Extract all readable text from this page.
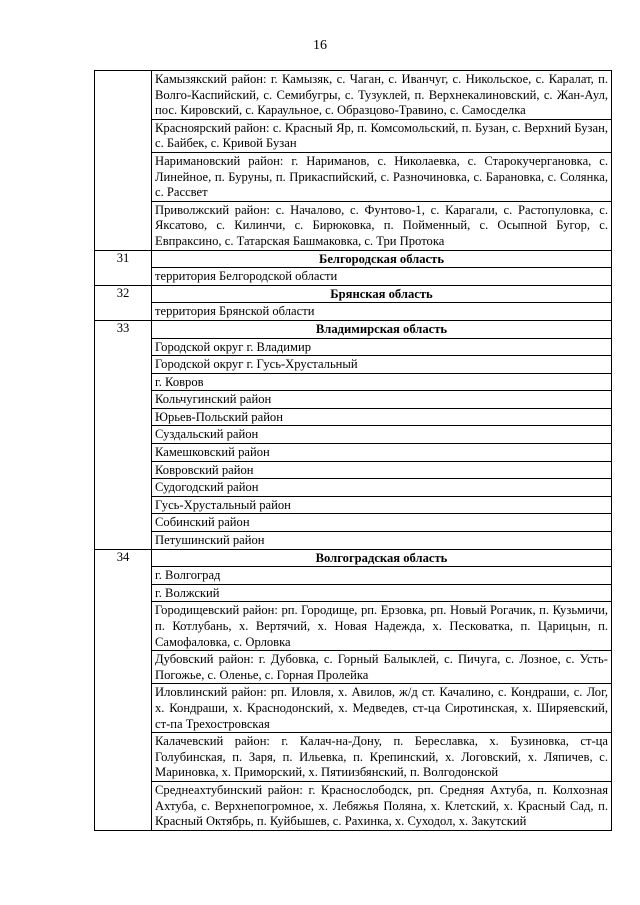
16
	Камызякский район: г. Камызяк, с. Чаган, с. Иванчуг, с. Никольское, с. Каралат, п. Волго-Каспийский, с. Семибугры, с. Тузуклей, п. Верхнекалиновский, с. Жан-Аул, пос. Кировский, с. Караульное, с. Образцово-Травино, с. Самосделка
	Красноярский район: с. Красный Яр, п. Комсомольский, п. Бузан, с. Верхний Бузан, с. Байбек, с. Кривой Бузан
	Наримановский район: г. Нариманов, с. Николаевка, с. Старокучергановка, с. Линейное, п. Буруны, п. Прикаспийский, с. Разночиновка, с. Барановка, с. Солянка, с. Рассвет
	Приволжский район: с. Началово, с. Фунтово-1, с. Карагали, с. Растопуловка, с. Яксатово, с. Килинчи, с. Бирюковка, п. Пойменный, с. Осыпной Бугор, с. Евпраксино, с. Татарская Башмаковка, с. Три Протока
31	Белгородская область
	территория Белгородской области
32	Брянская область
	территория Брянской области
33	Владимирская область
	Городской округ г. Владимир
	Городской округ г. Гусь-Хрустальный
	г. Ковров
	Кольчугинский район
	Юрьев-Польский район
	Суздальский район
	Камешковский район
	Ковровский район
	Судогодский район
	Гусь-Хрустальный район
	Собинский район
	Петушинский район
34	Волгоградская область
	г. Волгоград
	г. Волжский
	Городищевский район: рп. Городище, рп. Ерзовка, рп. Новый Рогачик, п. Кузьмичи, п. Котлубань, х. Вертячий, х. Новая Надежда, х. Песковатка, п. Царицын, п. Самофаловка, с. Орловка
	Дубовский район: г. Дубовка, с. Горный Балыклей, с. Пичуга, с. Лозное, с. Усть-Погожье, с. Оленье, с. Горная Пролейка
	Иловлинский район: рп. Иловля, х. Авилов, ж/д ст. Качалино, с. Кондраши, с. Лог, х. Кондраши, х. Краснодонский, х. Медведев, ст-ца Сиротинская, х. Ширяевский, ст-па Трехостровская
	Калачевский район: г. Калач-на-Дону, п. Береславка, х. Бузиновка, ст-ца Голубинская, п. Заря, п. Ильевка, п. Крепинский, х. Логовский, х. Ляпичев, с. Мариновка, х. Приморский, х. Пятиизбянский, п. Волгодонской
	Среднеахтубинский район: г. Краснослободск, рп. Средняя Ахтуба, п. Колхозная Ахтуба, с. Верхнепогромное, х. Лебяжья Поляна, х. Клетский, х. Красный Сад, п. Красный Октябрь, п. Куйбышев, с. Рахинка, х. Суходол, х. Закутский
